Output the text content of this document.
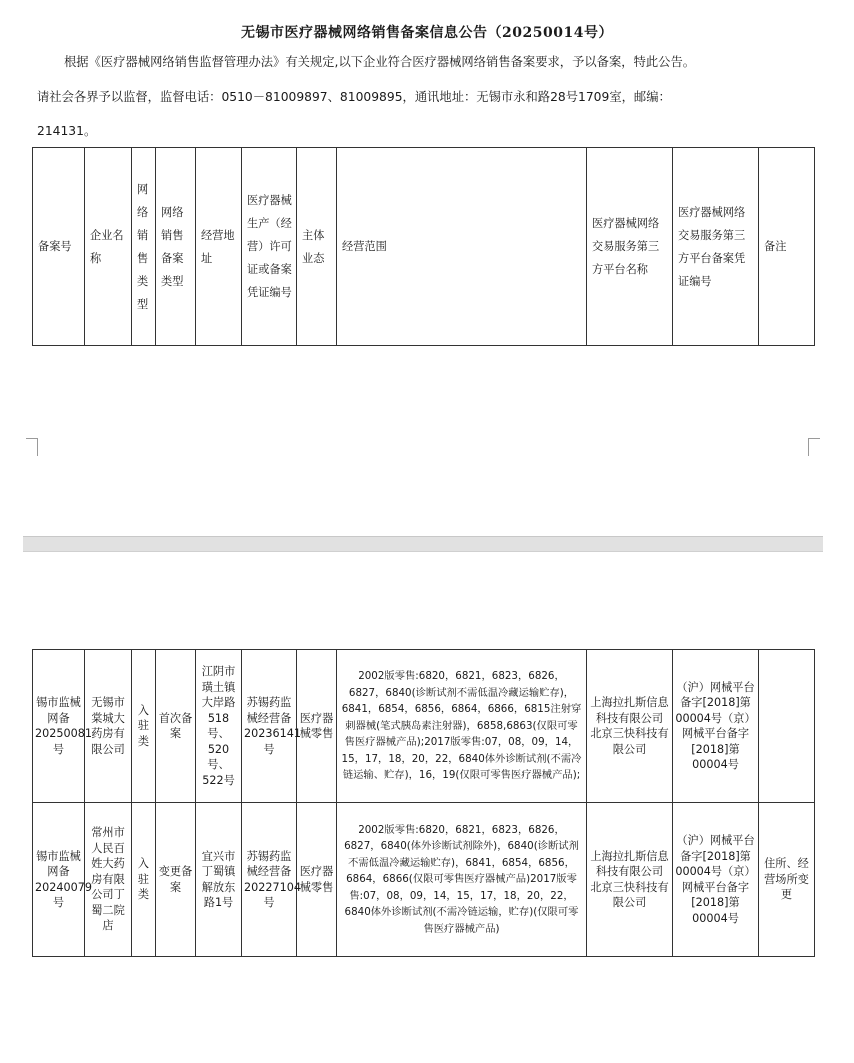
无锡市医疗器械网络销售备案信息公告（20250014号）
根据《医疗器械网络销售监督管理办法》有关规定,以下企业符合医疗器械网络销售备案要求，予以备案，特此公告。
请社会各界予以监督，监督电话：0510－81009897、81009895，通讯地址：无锡市永和路28号1709室，邮编：
214131。
备案号	企业名称	网络销售类型	网络销售备案类型	经营地址	医疗器械生产（经营）许可证或备案凭证编号	主体业态	经营范围	医疗器械网络交易服务第三方平台名称	医疗器械网络交易服务第三方平台备案凭证编号	备注
锡市监械网备20250081号	无锡市棠城大药房有限公司	入驻类	首次备案	江阴市璜土镇大岸路518号、520号、522号	苏锡药监械经营备20236141号	医疗器械零售	2002版零售:6820，6821，6823，6826，6827，6840(诊断试剂不需低温冷藏运输贮存)，6841，6854，6856，6864，6866，6815注射穿刺器械(笔式胰岛素注射器)，6858,6863(仅限可零售医疗器械产品);2017版零售:07，08，09，14，15，17，18，20，22，6840体外诊断试剂(不需冷链运输、贮存)，16，19(仅限可零售医疗器械产品);	上海拉扎斯信息科技有限公司 北京三快科技有限公司	（沪）网械平台备字[2018]第00004号（京）网械平台备字[2018]第00004号	
锡市监械网备20240079号	常州市人民百姓大药房有限公司丁蜀二院店	入驻类	变更备案	宜兴市丁蜀镇解放东路1号	苏锡药监械经营备20227104号	医疗器械零售	2002版零售:6820，6821，6823，6826，6827，6840(体外诊断试剂除外)，6840(诊断试剂不需低温冷藏运输贮存)，6841，6854，6856，6864，6866(仅限可零售医疗器械产品)2017版零售:07，08，09，14，15，17，18，20，22，6840体外诊断试剂(不需冷链运输，贮存)(仅限可零售医疗器械产品)	上海拉扎斯信息科技有限公司 北京三快科技有限公司	（沪）网械平台备字[2018]第00004号（京）网械平台备字[2018]第00004号	住所、经营场所变更
